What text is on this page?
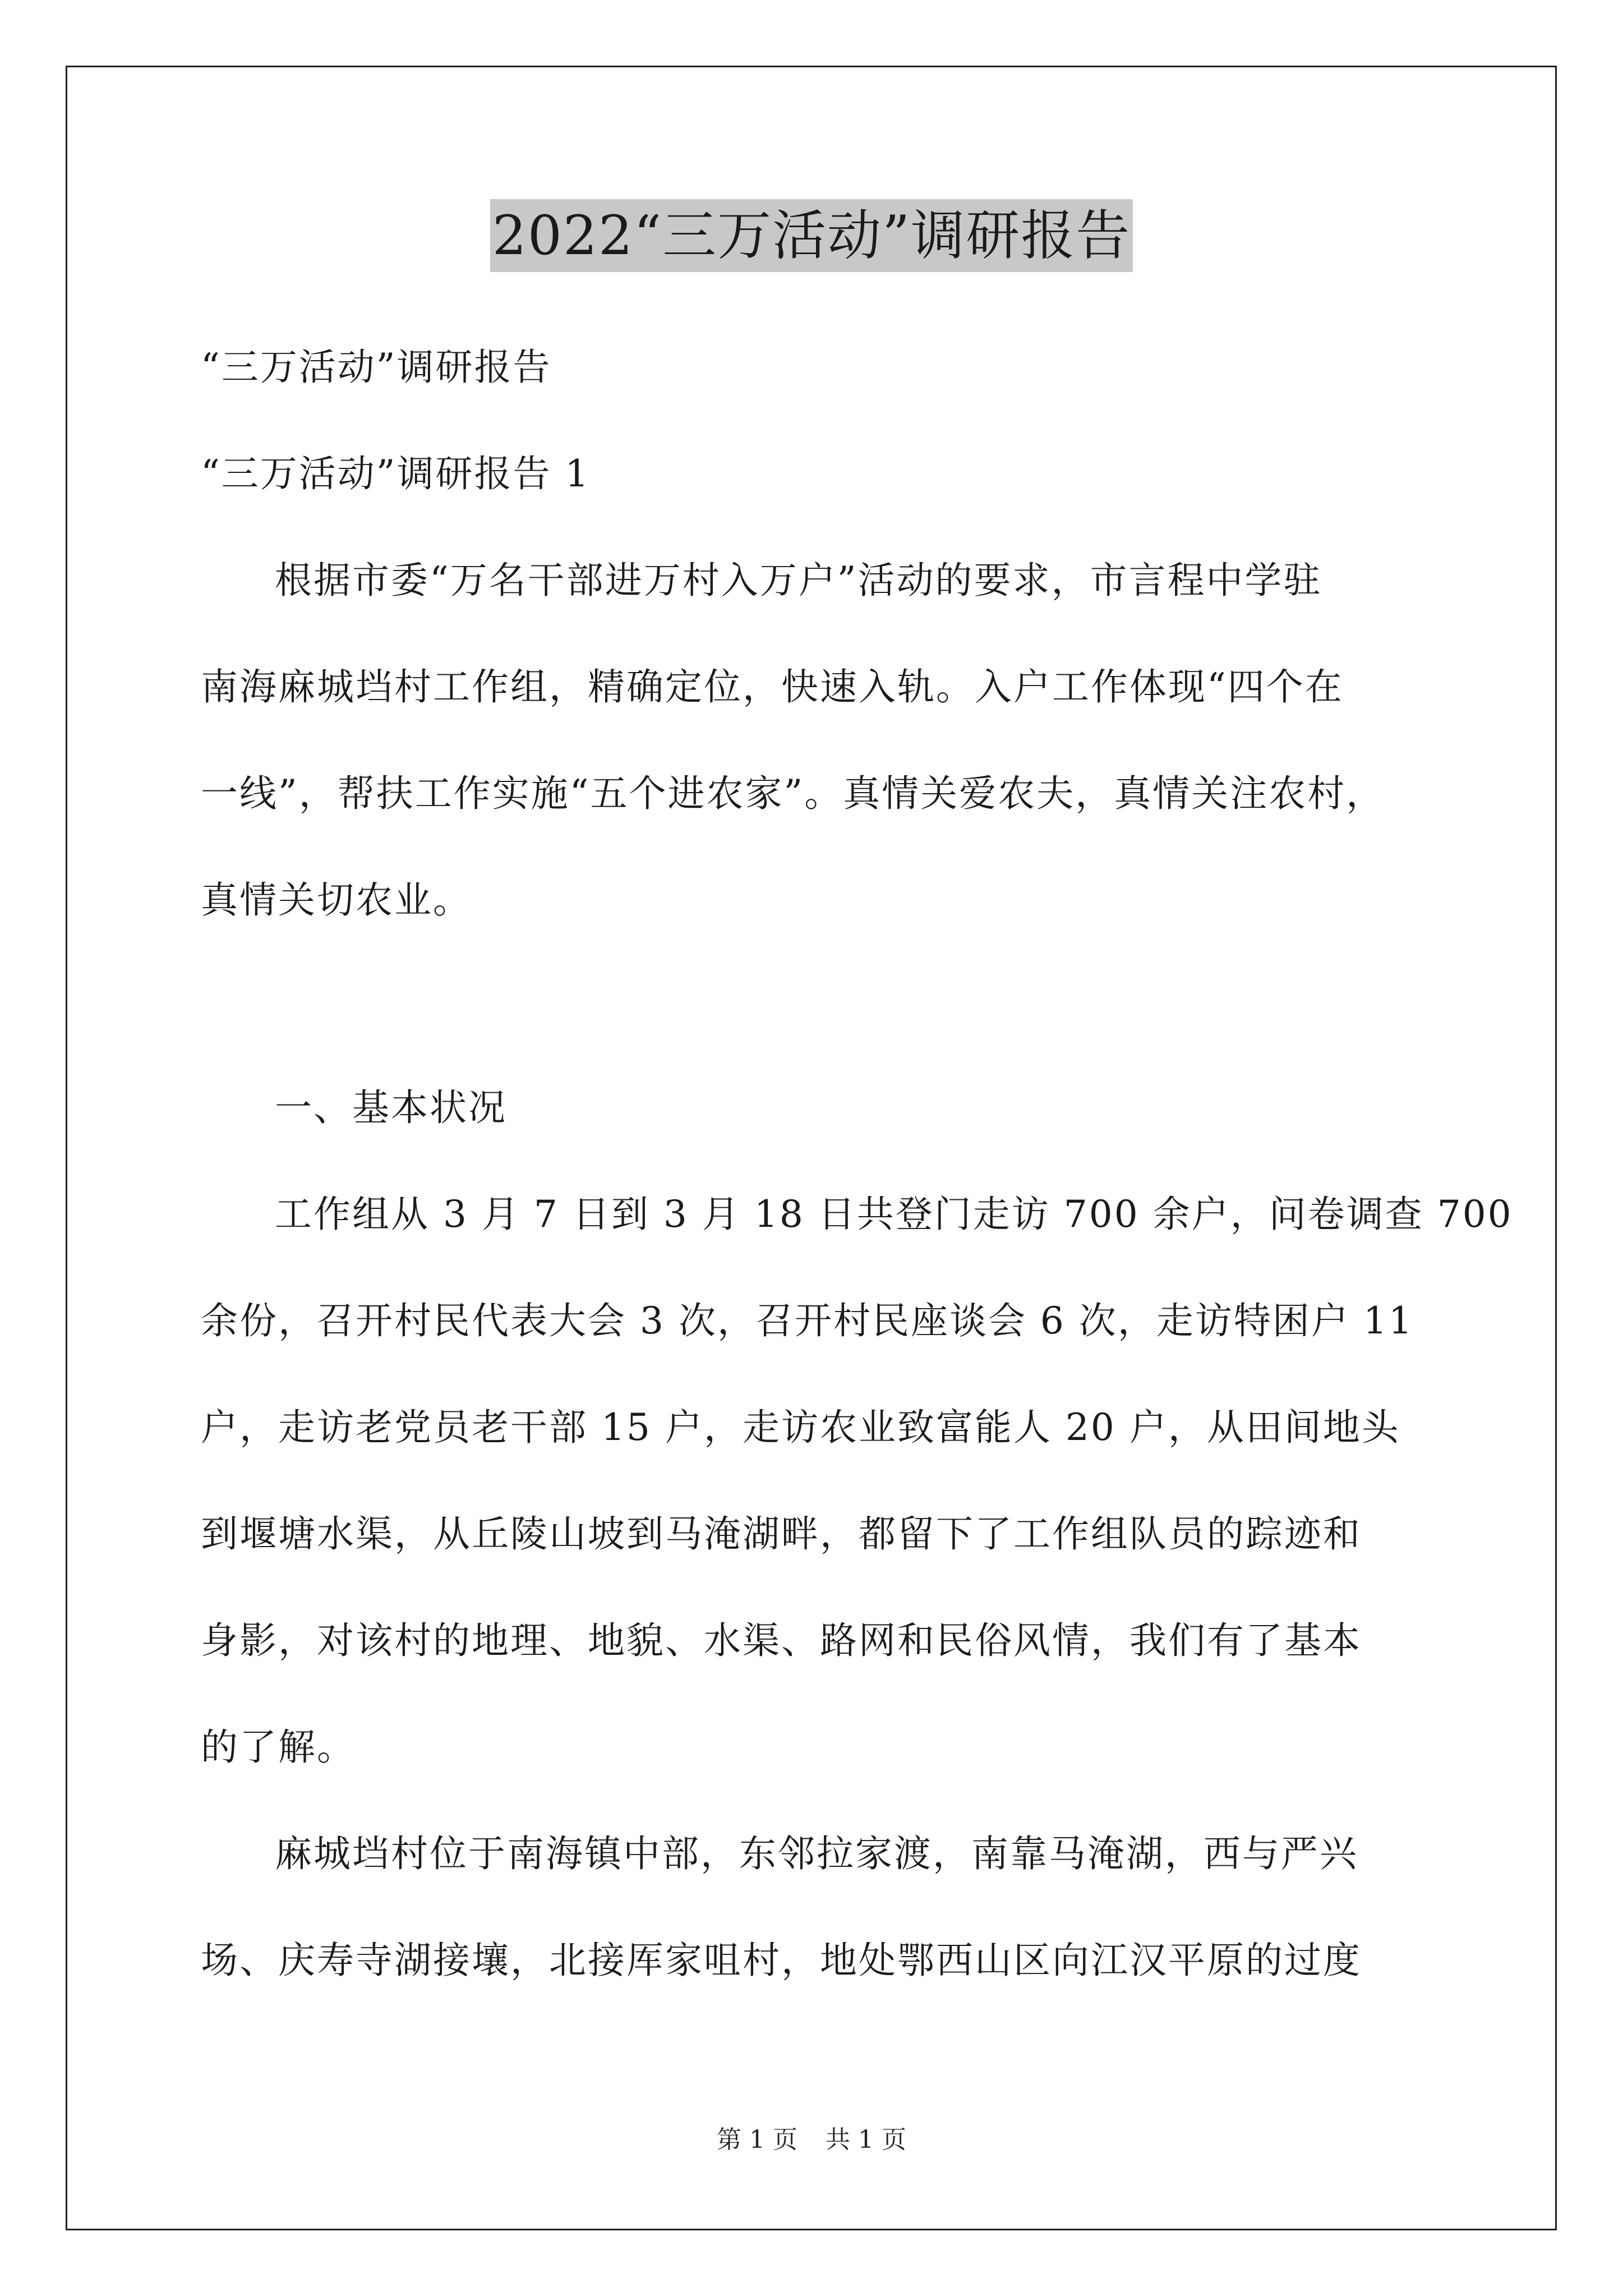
2022“三万活动”调研报告
“三万活动”调研报告
“三万活动”调研报告 1
根据市委“万名干部进万村入万户”活动的要求，市言程中学驻
南海麻城垱村工作组，精确定位，快速入轨。入户工作体现“四个在
一线”，帮扶工作实施“五个进农家”。真情关爱农夫，真情关注农村，
真情关切农业。
一、基本状况
工作组从 3 月 7 日到 3 月 18 日共登门走访 700 余户，问卷调查 700
余份，召开村民代表大会 3 次，召开村民座谈会 6 次，走访特困户 11
户，走访老党员老干部 15 户，走访农业致富能人 20 户，从田间地头
到堰塘水渠，从丘陵山坡到马淹湖畔，都留下了工作组队员的踪迹和
身影，对该村的地理、地貌、水渠、路网和民俗风情，我们有了基本
的了解。
麻城垱村位于南海镇中部，东邻拉家渡，南靠马淹湖，西与严兴
场、庆寿寺湖接壤，北接厍家咀村，地处鄂西山区向江汉平原的过度
第 1 页 共 1 页
